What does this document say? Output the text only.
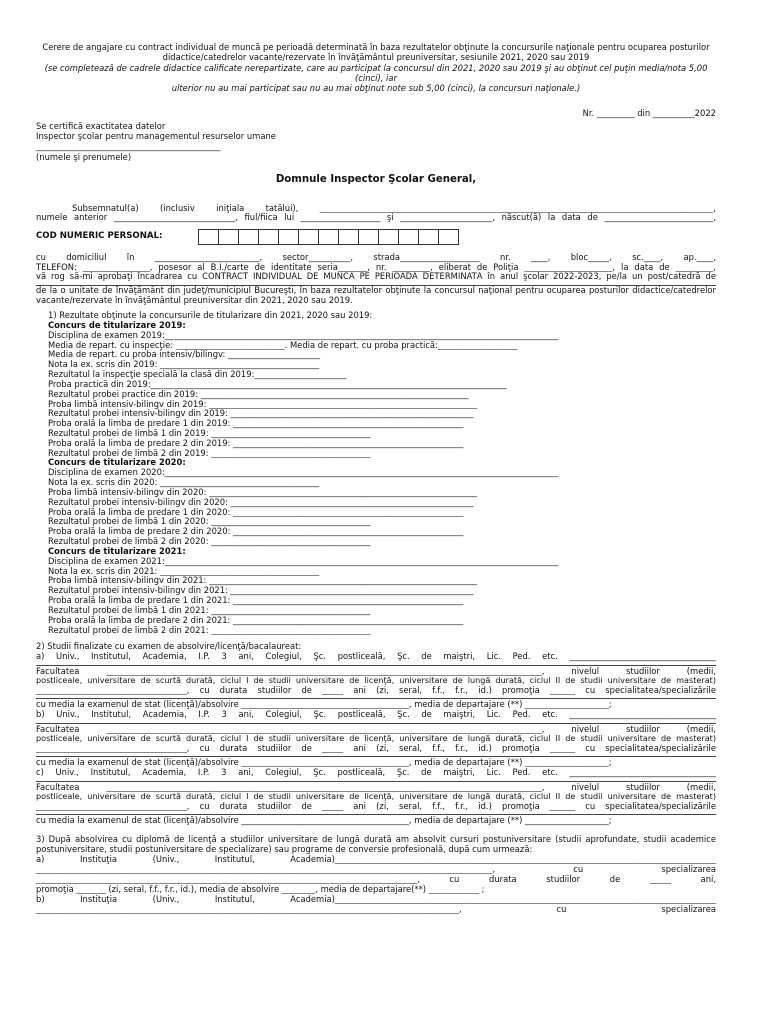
Cerere de angajare cu contract individual de muncă pe perioadă determinată în baza rezultatelor obţinute la concursurile naţionale pentru ocuparea posturilor
didactice/catedrelor vacante/rezervate în învăţământul preuniversitar, sesiunile 2021, 2020 sau 2019
(se completează de cadrele didactice calificate nerepartizate, care au participat la concursul din 2021, 2020 sau 2019 şi au obţinut cel puţin media/nota 5,00 (cinci), iar
ulterior nu au mai participat sau nu au mai obţinut note sub 5,00 (cinci), la concursuri naţionale.)
Nr. _________ din __________2022
Se certifică exactitatea datelor
Inspector şcolar pentru managementul resurselor umane
____________________________________________
(numele şi prenumele)
Domnule Inspector Şcolar General,
Subsemnatul(a) (inclusiv iniţiala tatălui), ______________________________________________________________________________________________,
numele anterior _____________________________, fiul/fiica lui ___________________ şi ______________________, născut(ă) la data de __________________________,
COD NUMERIC PERSONAL:
cu domiciliul în _________________________, sector__________, strada___________________ nr. ____, bloc_____, sc.____, ap.____,
TELEFON: ________________, posesor al B.I./carte de identitate seria_______, nr. _________, eliberat de Poliţia _____________________, la data de _________,
vă rog să-mi aprobaţi încadrarea cu CONTRACT INDIVIDUAL DE MUNCĂ PE PERIOADĂ DETERMINATĂ în anul şcolar 2022-2023, pe/la un post/catedră de
de la o unitate de învăţământ din judeţ/municipiul Bucureşti, în baza rezultatelor obţinute la concursul naţional pentru ocuparea posturilor didactice/catedrelor vacante/rezervate în învăţământul preuniversitar din 2021, 2020 sau 2019.
1) Rezultate obţinute la concursurile de titularizare din 2021, 2020 sau 2019:
Concurs de titularizare 2019:
Disciplina de examen 2019:______________________________________________________________________________________________
Media de repart. cu inspecţie: __________________________. Media de repart. cu proba practică:___________________
Media de repart. cu proba intensiv/bilingv: ______________________
Nota la ex. scris din 2019: ______________________________________
Rezultatul la inspecţie specială la clasă din 2019:______________________
Proba practică din 2019:_____________________________________________________________________________________
Rezultatul probei practice din 2019: ________________________________________________________________
Proba limbă intensiv-bilingv din 2019: ________________________________________________________________
Rezultatul probei intensiv-bilingv din 2019: __________________________________________________________
Proba orală la limba de predare 1 din 2019: _______________________________________________________
Rezultatul probei de limbă 1 din 2019: ______________________________________
Proba orală la limba de predare 2 din 2019: _______________________________________________________
Rezultatul probei de limbă 2 din 2019: ______________________________________
Concurs de titularizare 2020:
Disciplina de examen 2020:______________________________________________________________________________________________
Nota la ex. scris din 2020: ______________________________________
Proba limbă intensiv-bilingv din 2020: ________________________________________________________________
Rezultatul probei intensiv-bilingv din 2020: __________________________________________________________
Proba orală la limba de predare 1 din 2020: _______________________________________________________
Rezultatul probei de limbă 1 din 2020: ______________________________________
Proba orală la limba de predare 2 din 2020: _______________________________________________________
Rezultatul probei de limbă 2 din 2020: ______________________________________
Concurs de titularizare 2021:
Disciplina de examen 2021:______________________________________________________________________________________________
Nota la ex. scris din 2021: ______________________________________
Proba limbă intensiv-bilingv din 2021: ________________________________________________________________
Rezultatul probei intensiv-bilingv din 2021: __________________________________________________________
Proba orală la limba de predare 1 din 2021: _______________________________________________________
Rezultatul probei de limbă 1 din 2021: ______________________________________
Proba orală la limba de predare 2 din 2021: _______________________________________________________
Rezultatul probei de limbă 2 din 2021: ______________________________________
2) Studii finalizate cu examen de absolvire/licenţă/bacalaureat:
a) Univ., Institutul, Academia, I.P. 3 ani, Colegiul, Şc. postliceală, Şc. de maiştri, Lic. Ped. etc. ___________________________________
Facultatea ________________________________________________________________________________________________________, nivelul studiilor (medii,
postliceale, universitare de scurtă durată, ciclul I de studii universitare de licenţă, universitare de lungă durată, ciclul II de studii universitare de masterat)
____________________________________, cu durata studiilor de _____ ani (zi, seral, f.f., f.r., id.) promoţia ______ cu specialitatea/specializările
cu media la examenul de stat (licenţă)/absolvire ________________________________________, media de departajare (**) ____________________;
b) Univ., Institutul, Academia, I.P. 3 ani, Colegiul, Şc. postliceală, Şc. de maiştri, Lic. Ped. etc. ___________________________________
Facultatea ________________________________________________________________________________________________________, nivelul studiilor (medii,
postliceale, universitare de scurtă durată, ciclul I de studii universitare de licenţă, universitare de lungă durată, ciclul II de studii universitare de masterat)
____________________________________, cu durata studiilor de _____ ani (zi, seral, f.f., f.r., id.) promoţia ______ cu specialitatea/specializările
cu media la examenul de stat (licenţă)/absolvire ________________________________________, media de departajare (**) ____________________;
c) Univ., Institutul, Academia, I.P. 3 ani, Colegiul, Şc. postliceală, Şc. de maiştri, Lic. Ped. etc. ___________________________________
Facultatea ________________________________________________________________________________________________________, nivelul studiilor (medii,
postliceale, universitare de scurtă durată, ciclul I de studii universitare de licenţă, universitare de lungă durată, ciclul II de studii universitare de masterat)
____________________________________, cu durata studiilor de _____ ani (zi, seral, f.f., f.r., id.) promoţia ______ cu specialitatea/specializările
cu media la examenul de stat (licenţă)/absolvire ________________________________________, media de departajare (**) ____________________;
3) După absolvirea cu diplomă de licenţă a studiilor universitare de lungă durată am absolvit cursuri postuniversitare (studii aprofundate, studii academice postuniversitare, studii postuniversitare de specializare) sau programe de conversie profesională, după cum urmează:
a) Instituţia (Univ., Institutul, Academia)___________________________________________________________________________________________
_____________________________________________________________________________________________________________, cu specializarea
___________________________________________________________________________________________, cu durata studiilor de _____ ani,
promoţia _______ (zi, seral, f.f., f.r., id.), media de absolvire ________, media de departajare(**) ____________ ;
b) Instituţia (Univ., Institutul, Academia)___________________________________________________________________________________________
_____________________________________________________________________________________________________, cu specializarea
